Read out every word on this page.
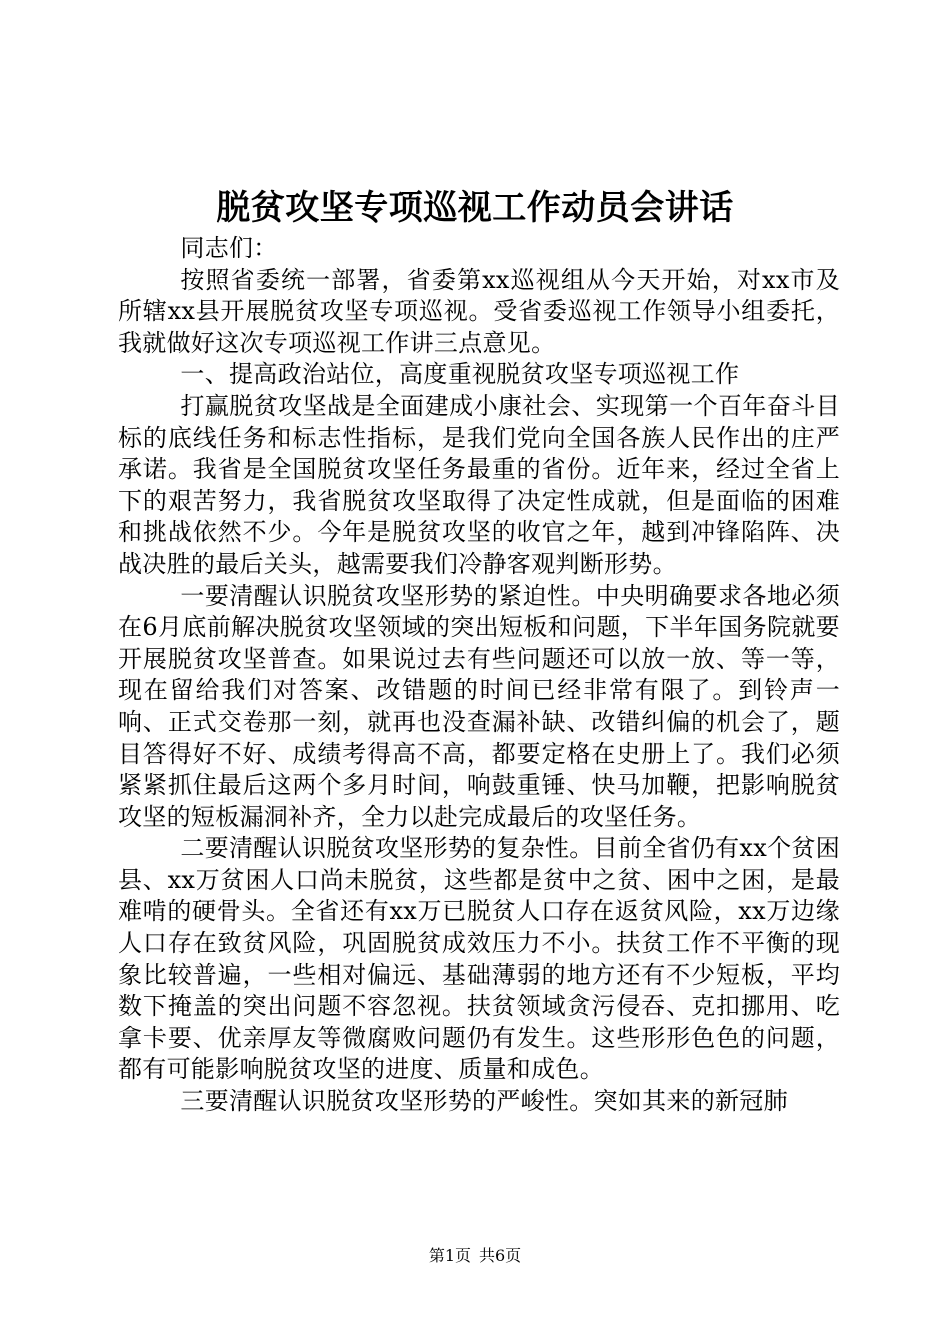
脱贫攻坚专项巡视工作动员会讲话

同志们：

按照省委统一部署，省委第xx巡视组从今天开始，对xx市及所辖xx县开展脱贫攻坚专项巡视。受省委巡视工作领导小组委托，我就做好这次专项巡视工作讲三点意见。

一、提高政治站位，高度重视脱贫攻坚专项巡视工作

打赢脱贫攻坚战是全面建成小康社会、实现第一个百年奋斗目标的底线任务和标志性指标，是我们党向全国各族人民作出的庄严承诺。我省是全国脱贫攻坚任务最重的省份。近年来，经过全省上下的艰苦努力，我省脱贫攻坚取得了决定性成就，但是面临的困难和挑战依然不少。今年是脱贫攻坚的收官之年，越到冲锋陷阵、决战决胜的最后关头，越需要我们冷静客观判断形势。

一要清醒认识脱贫攻坚形势的紧迫性。中央明确要求各地必须在6月底前解决脱贫攻坚领域的突出短板和问题，下半年国务院就要开展脱贫攻坚普查。如果说过去有些问题还可以放一放、等一等，现在留给我们对答案、改错题的时间已经非常有限了。到铃声一响、正式交卷那一刻，就再也没查漏补缺、改错纠偏的机会了，题目答得好不好、成绩考得高不高，都要定格在史册上了。我们必须紧紧抓住最后这两个多月时间，响鼓重锤、快马加鞭，把影响脱贫攻坚的短板漏洞补齐，全力以赴完成最后的攻坚任务。

二要清醒认识脱贫攻坚形势的复杂性。目前全省仍有xx个贫困县、xx万贫困人口尚未脱贫，这些都是贫中之贫、困中之困，是最难啃的硬骨头。全省还有xx万已脱贫人口存在返贫风险，xx万边缘人口存在致贫风险，巩固脱贫成效压力不小。扶贫工作不平衡的现象比较普遍，一些相对偏远、基础薄弱的地方还有不少短板，平均数下掩盖的突出问题不容忽视。扶贫领域贪污侵吞、克扣挪用、吃拿卡要、优亲厚友等微腐败问题仍有发生。这些形形色色的问题，都有可能影响脱贫攻坚的进度、质量和成色。

三要清醒认识脱贫攻坚形势的严峻性。突如其来的新冠肺

第1页 共6页
